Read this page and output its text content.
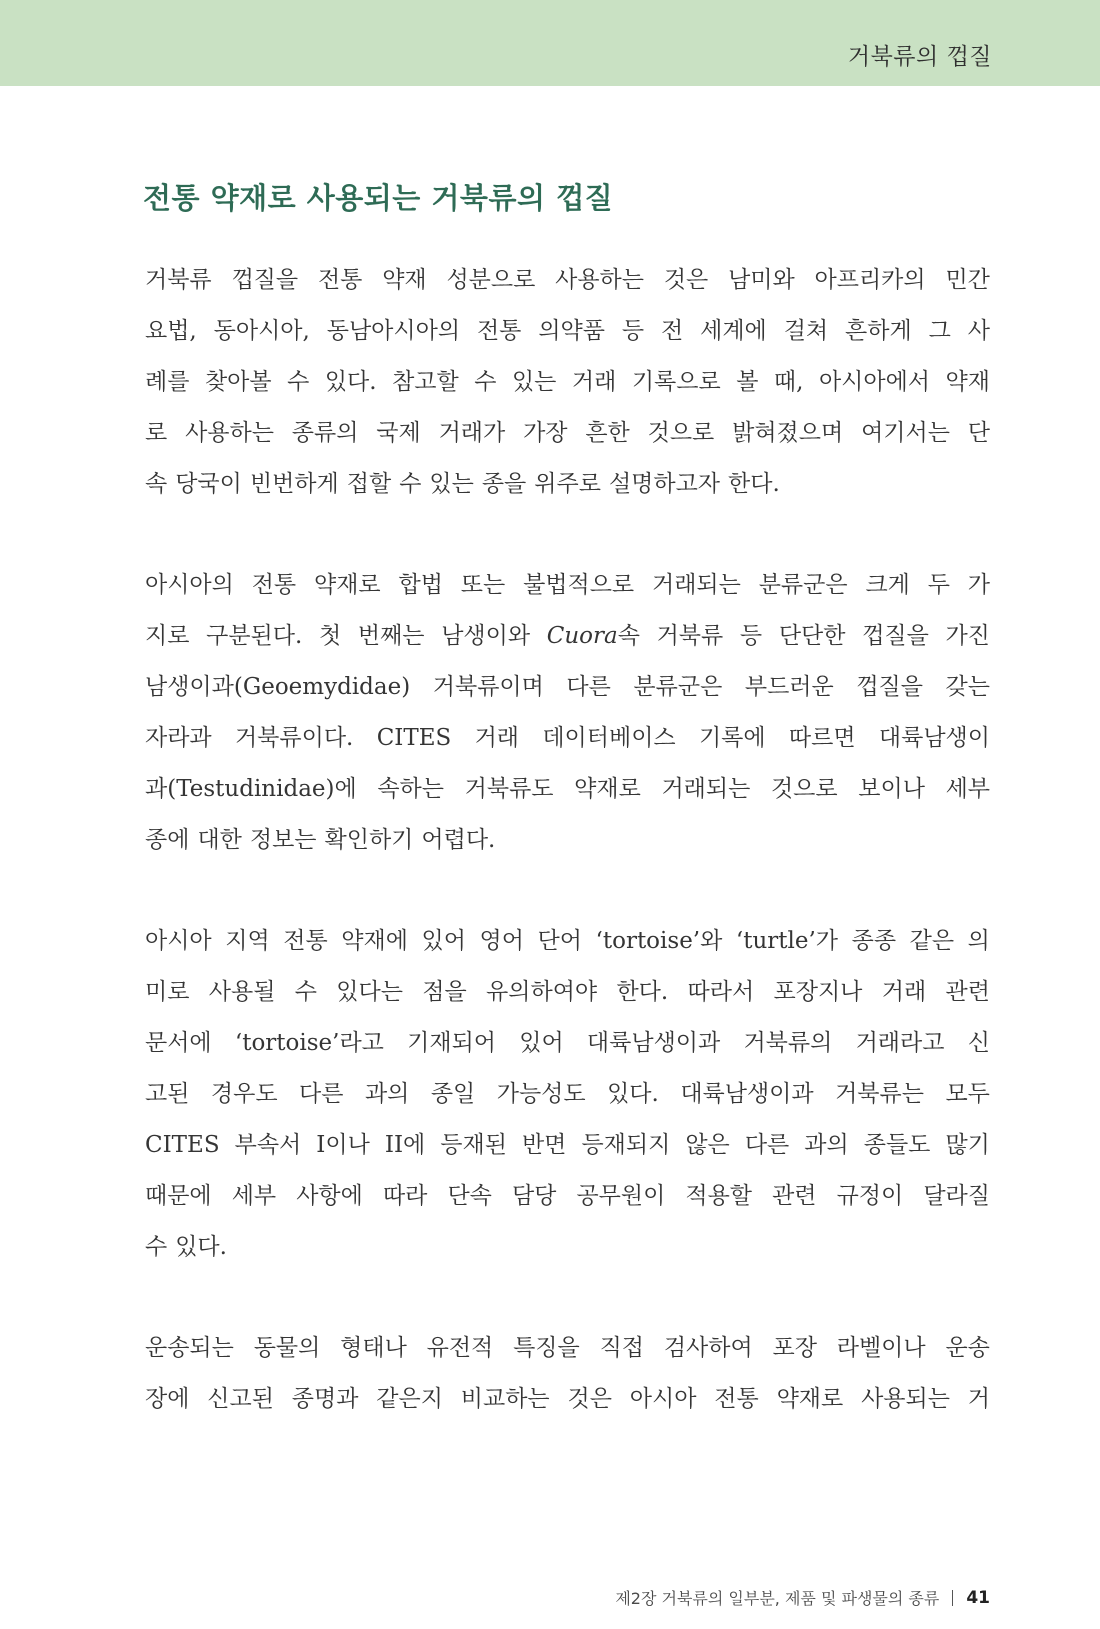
거북류의 껍질
전통 약재로 사용되는 거북류의 껍질
거북류 껍질을 전통 약재 성분으로 사용하는 것은 남미와 아프리카의 민간
요법, 동아시아, 동남아시아의 전통 의약품 등 전 세계에 걸쳐 흔하게 그 사
례를 찾아볼 수 있다. 참고할 수 있는 거래 기록으로 볼 때, 아시아에서 약재
로 사용하는 종류의 국제 거래가 가장 흔한 것으로 밝혀졌으며 여기서는 단
속 당국이 빈번하게 접할 수 있는 종을 위주로 설명하고자 한다.
아시아의 전통 약재로 합법 또는 불법적으로 거래되는 분류군은 크게 두 가
지로 구분된다. 첫 번째는 남생이와 Cuora속 거북류 등 단단한 껍질을 가진
남생이과(Geoemydidae) 거북류이며 다른 분류군은 부드러운 껍질을 갖는
자라과 거북류이다. CITES 거래 데이터베이스 기록에 따르면 대륙남생이
과(Testudinidae)에 속하는 거북류도 약재로 거래되는 것으로 보이나 세부
종에 대한 정보는 확인하기 어렵다.
아시아 지역 전통 약재에 있어 영어 단어 ‘tortoise’와 ‘turtle’가 종종 같은 의
미로 사용될 수 있다는 점을 유의하여야 한다. 따라서 포장지나 거래 관련
문서에 ‘tortoise’라고 기재되어 있어 대륙남생이과 거북류의 거래라고 신
고된 경우도 다른 과의 종일 가능성도 있다. 대륙남생이과 거북류는 모두
CITES 부속서 I이나 II에 등재된 반면 등재되지 않은 다른 과의 종들도 많기
때문에 세부 사항에 따라 단속 담당 공무원이 적용할 관련 규정이 달라질
수 있다.
운송되는 동물의 형태나 유전적 특징을 직접 검사하여 포장 라벨이나 운송
장에 신고된 종명과 같은지 비교하는 것은 아시아 전통 약재로 사용되는 거
제2장 거북류의 일부분, 제품 및 파생물의 종류 41
